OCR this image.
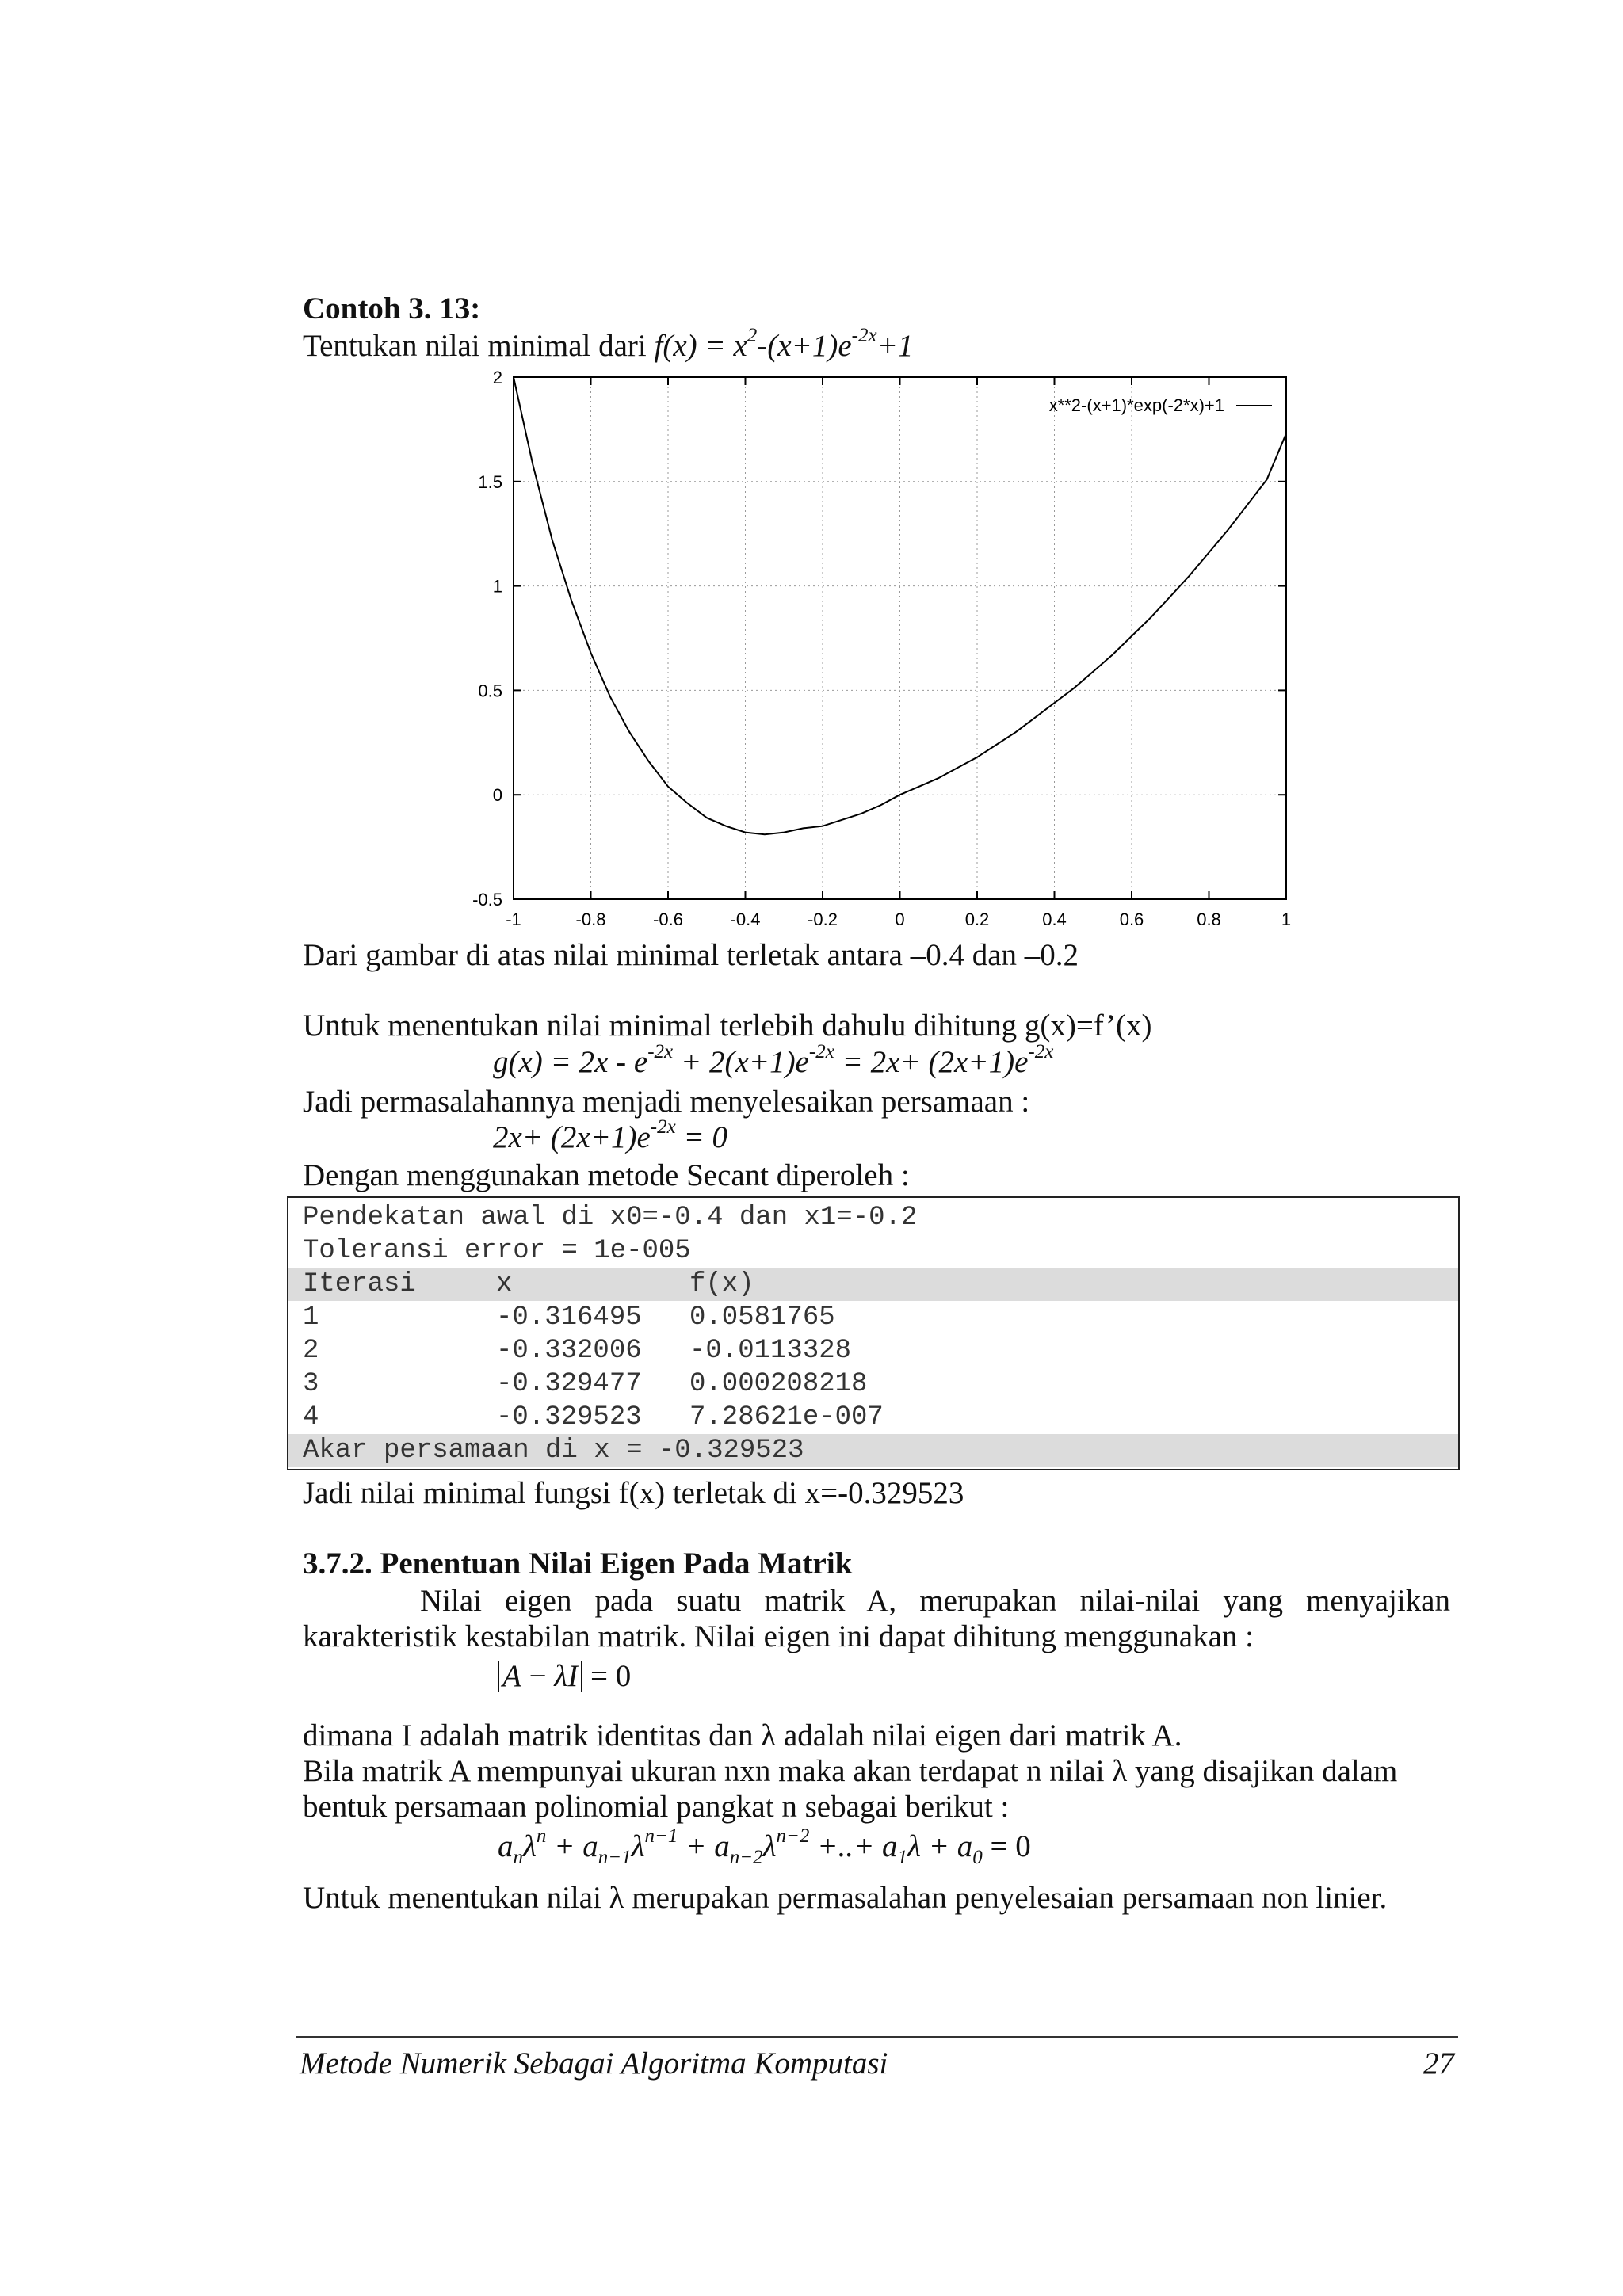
Contoh 3. 13:
Tentukan nilai minimal dari $f(x) = x^2-(x+1)e^{-2x}+1$
-1	-0.8	-0.6	-0.4	-0.2	0	0.2	0.4	0.6	0.8	1
-0.5
0
0.5
1
1.5
2
x**2-(x+1)*exp(-2*x)+1
Dari gambar di atas nilai minimal terletak antara –0.4 dan –0.2
Untuk menentukan nilai minimal terlebih dahulu dihitung g(x)=f’(x)
$g(x) = 2x - e^{-2x} + 2(x+1)e^{-2x} = 2x+ (2x+1)e^{-2x}$
Jadi permasalahannya menjadi menyelesaikan persamaan :
$2x+ (2x+1)e^{-2x} = 0$
Dengan menggunakan metode Secant diperoleh :
Pendekatan awal di x0=-0.4 dan x1=-0.2
Toleransi error = 1e-005
Iterasi	x	f(x)
1	-0.316495 0.0581765
2	-0.332006 -0.0113328
3	-0.329477 0.000208218
4	-0.329523 7.28621e-007
Akar persamaan di x = -0.329523
Jadi nilai minimal fungsi f(x) terletak di x=-0.329523
3.7.2. Penentuan Nilai Eigen Pada Matrik
Nilai eigen pada suatu matrik A, merupakan nilai-nilai yang menyajikan
karakteristik kestabilan matrik. Nilai eigen ini dapat dihitung menggunakan :
A − λI = 0
dimana I adalah matrik identitas dan λ adalah nilai eigen dari matrik A.
Bila matrik A mempunyai ukuran nxn maka akan terdapat n nilai λ yang disajikan dalam
bentuk persamaan polinomial pangkat n sebagai berikut :
$a_n\lambda^n + a_{n-1}\lambda^{n-1} + a_{n-2}\lambda^{n-2}$ +..+ $a_1\lambda + a_0 = 0$
Untuk menentukan nilai λ merupakan permasalahan penyelesaian persamaan non linier.
Metode Numerik Sebagai Algoritma Komputasi	27
